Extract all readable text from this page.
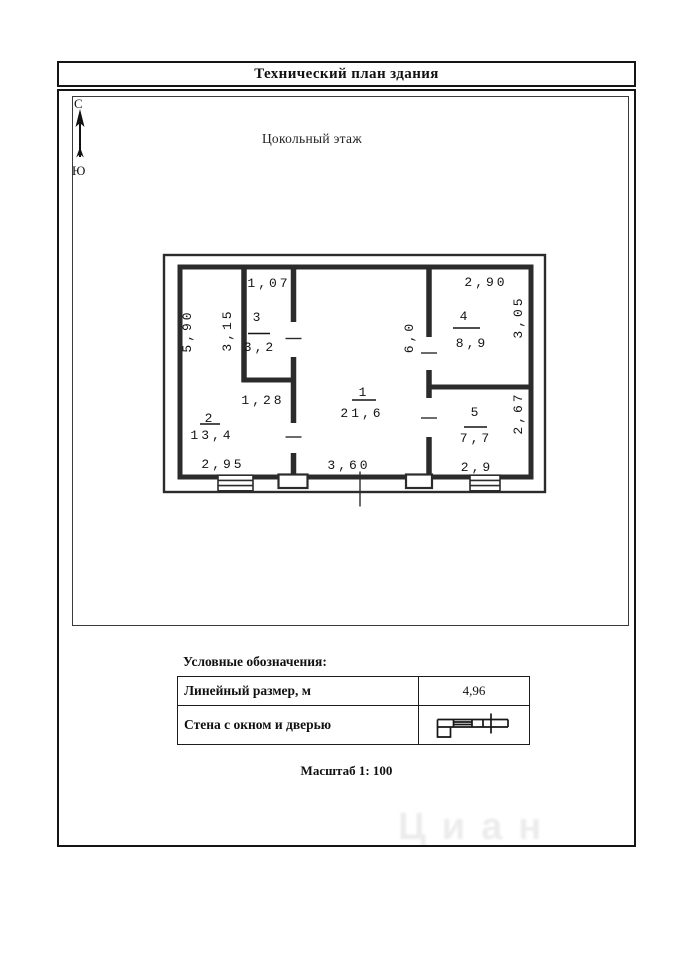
Технический план здания
С
Ю
Цокольный этаж
1,07
3
3,2
5,90 3,15
1,28
2
13,4
2,95
1
21,6
3,60
6,0
2,90
4
8,9
3,05
5
7,7
2,9
2,67
Условные обозначения:
Линейный размер, м	4,96
Стена с окном и дверью	
Масштаб 1: 100
Циан
